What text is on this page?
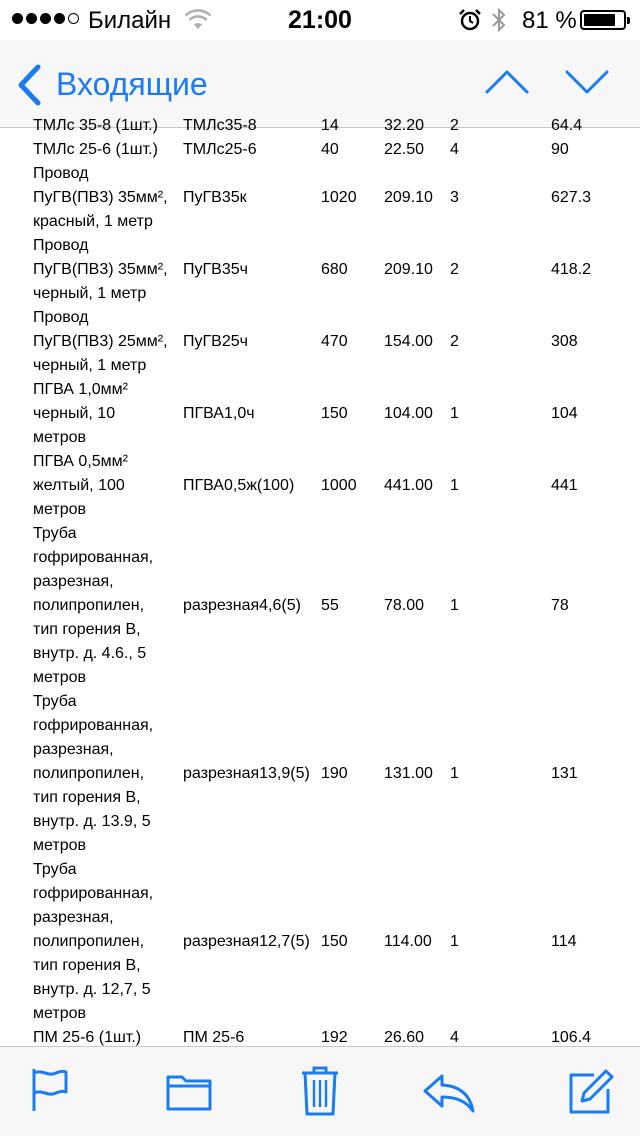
Билайн	21:00	81 %
Входящие
ТМЛс 35-8 (1шт.)	ТМЛс35-8	14	32.20 2	64.4
ТМЛс 25-6 (1шт.)	ТМЛс25-6	40	22.50 4	90
Провод
ПуГВ(ПВ3) 35мм²,
красный, 1 метр
ПуГВ35к	1020 209.10 3	627.3
Провод
ПуГВ(ПВ3) 35мм²,
черный, 1 метр
ПуГВ35ч	680 209.10 2	418.2
Провод
ПуГВ(ПВ3) 25мм²,
черный, 1 метр
ПуГВ25ч	470 154.00 2	308
ПГВА 1,0мм²
черный, 10
метров
ПГВА1,0ч	150 104.00 1	104
ПГВА 0,5мм²
желтый, 100
метров
ПГВА0,5ж(100) 1000 441.00 1	441
Труба
гофрированная,
разрезная,
полипропилен,
тип горения В,
внутр. д. 4.6., 5
метров
разрезная4,6(5) 55	78.00 1	78
Труба
гофрированная,
разрезная,
полипропилен,
тип горения В,
внутр. д. 13.9, 5
метров
разрезная13,9(5) 190 131.00 1	131
Труба
гофрированная,
разрезная,
полипропилен,
тип горения В,
внутр. д. 12,7, 5
метров
разрезная12,7(5) 150 114.00 1	114
ПМ 25-6 (1шт.)	ПМ 25-6	192 26.60 4	106.4
